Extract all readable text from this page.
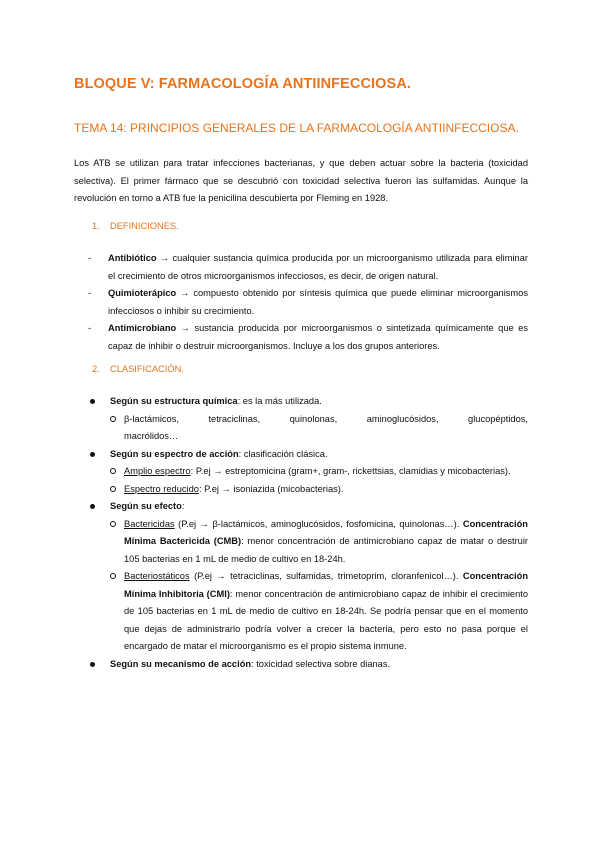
BLOQUE V: FARMACOLOGÍA ANTIINFECCIOSA.
TEMA 14: PRINCIPIOS GENERALES DE LA FARMACOLOGÍA ANTIINFECCIOSA.
Los ATB se utilizan para tratar infecciones bacterianas, y que deben actuar sobre la bacteria (toxicidad selectiva). El primer fármaco que se descubrió con toxicidad selectiva fueron las sulfamidas. Aunque la revolución en torno a ATB fue la penicilina descubierta por Fleming en 1928.
1. DEFINICIONES.
- Antibiótico → cualquier sustancia química producida por un microorganismo utilizada para eliminar el crecimiento de otros microorganismos infecciosos, es decir, de origen natural.
- Quimioterápico → compuesto obtenido por síntesis química que puede eliminar microorganismos infecciosos o inhibir su crecimiento.
- Antimicrobiano → sustancia producida por microorganismos o sintetizada químicamente que es capaz de inhibir o destruir microorganismos. Incluye a los dos grupos anteriores.
2. CLASIFICACIÓN.
Según su estructura química: es la más utilizada.
β-lactámicos,	tetraciclinas,	quinolonas,	aminoglucósidos,	glucopéptidos,
macrólidos…
Según su espectro de acción: clasificación clásica.
Amplio espectro: P.ej → estreptomicina (gram+, gram-, rickettsias, clamidias y micobacterias).
Espectro reducido: P.ej → isoniazida (micobacterias).
Según su efecto:
Bactericidas (P.ej → β-lactámicos, aminoglucósidos, fosfomicina, quinolonas…). Concentración Mínima Bactericida (CMB): menor concentración de antimicrobiano capaz de matar o destruir 105 bacterias en 1 mL de medio de cultivo en 18-24h.
Bacteriostáticos (P.ej → tetraciclinas, sulfamidas, trimetoprim, cloranfenicol…). Concentración Mínima Inhibitoria (CMI): menor concentración de antimicrobiano capaz de inhibir el crecimiento de 105 bacterias en 1 mL de medio de cultivo en 18-24h. Se podría pensar que en el momento que dejas de administrarlo podría volver a crecer la bacteria, pero esto no pasa porque el encargado de matar el microorganismo es el propio sistema inmune.
Según su mecanismo de acción: toxicidad selectiva sobre dianas.
